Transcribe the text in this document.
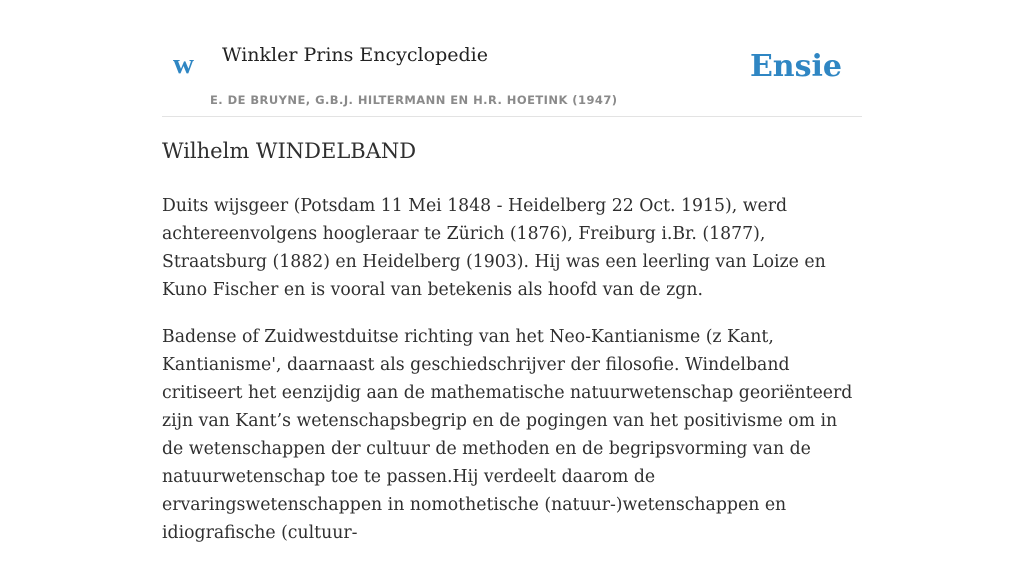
w Winkler Prins Encyclopedie
E. DE BRUYNE, G.B.J. HILTERMANN EN H.R. HOETINK (1947)
Ensie
Wilhelm WINDELBAND

Duits wijsgeer (Potsdam 11 Mei 1848 - Heidelberg 22 Oct. 1915), werd achtereenvolgens hoogleraar te Zürich (1876), Freiburg i.Br. (1877), Straatsburg (1882) en Heidelberg (1903). Hij was een leerling van Loize en Kuno Fischer en is vooral van betekenis als hoofd van de zgn.

Badense of Zuidwestduitse richting van het Neo-Kantianisme (z Kant, Kantianisme', daarnaast als geschiedschrijver der filosofie. Windelband critiseert het eenzijdig aan de mathematische natuurwetenschap georiënteerd zijn van Kant’s wetenschapsbegrip en de pogingen van het positivisme om in de wetenschappen der cultuur de methoden en de begripsvorming van de natuurwetenschap toe te passen.Hij verdeelt daarom de ervaringswetenschappen in nomothetische (natuur-)wetenschappen en idiografische (cultuur-
